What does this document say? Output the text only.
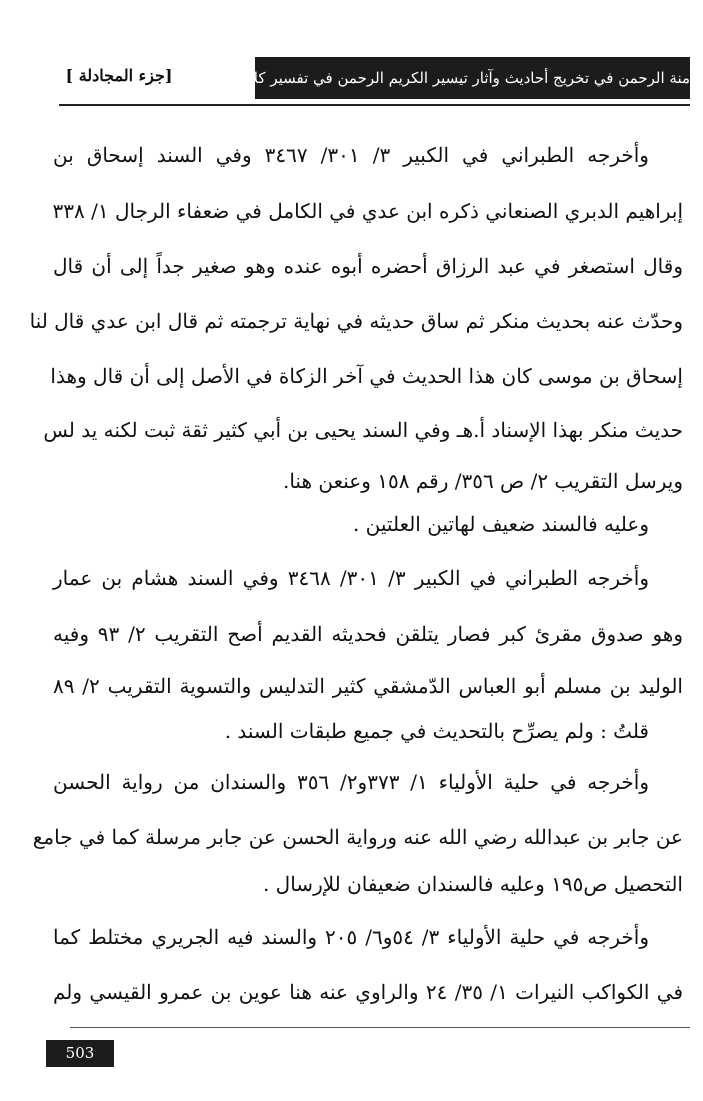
منة الرحمن في تخريج أحاديث وآثار تيسير الكريم الرحمن في تفسير كلام المنان
[جزء المجادلة ]
وأخرجه الطبراني في الكبير ٣/ ٣٠١/ ٣٤٦٧ وفي السند إسحاق بن
إبراهيم الدبري الصنعاني ذكره ابن عدي في الكامل في ضعفاء الرجال ١/ ٣٣٨
وقال استصغر في عبد الرزاق أحضره أبوه عنده وهو صغير جداً إلى أن قال
وحدّث عنه بحديث منكر ثم ساق حديثه في نهاية ترجمته ثم قال ابن عدي قال لنا
إسحاق بن موسى كان هذا الحديث في آخر الزكاة في الأصل إلى أن قال وهذا
حديث منكر بهذا الإسناد أ.هـ وفي السند يحيى بن أبي كثير ثقة ثبت لكنه يد لس
ويرسل التقريب ٢/ ص ٣٥٦/ رقم ١٥٨ وعنعن هنا.
وعليه فالسند ضعيف لهاتين العلتين .
وأخرجه الطبراني في الكبير ٣/ ٣٠١/ ٣٤٦٨ وفي السند هشام بن عمار
وهو صدوق مقرئ كبر فصار يتلقن فحديثه القديم أصح التقريب ٢/ ٩٣ وفيه
الوليد بن مسلم أبو العباس الدّمشقي كثير التدليس والتسوية التقريب ٢/ ٨٩
قلتُ : ولم يصرِّح بالتحديث في جميع طبقات السند .
وأخرجه في حلية الأولياء ١/ ٣٧٣و٢/ ٣٥٦ والسندان من رواية الحسن
عن جابر بن عبدالله رضي الله عنه ورواية الحسن عن جابر مرسلة كما في جامع
التحصيل ص١٩٥ وعليه فالسندان ضعيفان للإرسال .
وأخرجه في حلية الأولياء ٣/ ٥٤و٦/ ٢٠٥ والسند فيه الجريري مختلط كما
في الكواكب النيرات ١/ ٣٥/ ٢٤ والراوي عنه هنا عوين بن عمرو القيسي ولم
503
